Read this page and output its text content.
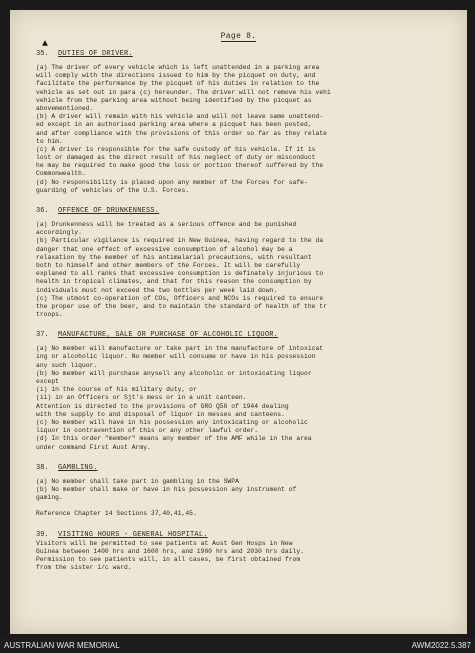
Page 8.
▲
35. DUTIES OF DRIVER.
(a) The driver of every vehicle which is left unattended in a parking area
will comply with the directions issued to him by the picquet on duty, and
facilitate the performance by the picquet of his duties in relation to the
vehicle as set out in para (c) hereunder. The driver will not remove his vehi
vehicle from the parking area without being identified by the picquet as
abovementioned.
(b) A driver will remain with his vehicle and will not leave same unattend-
ed except in an authorised parking area where a picquet has been posted,
and after compliance with the provisions of this order so far as they relate
to him.
(c) A driver is responsible for the safe custody of his vehicle. If it is
lost or damaged as the direct result of his neglect of duty or misconduct
he may be required to make good the loss or portion thereof suffered by the
Commonwealth.
(d) No responsibility is placed upon any member of the Forces for safe-
guarding of vehicles of the U.S. Forces.
36. OFFENCE OF DRUNKENNESS.
(a) Drunkenness will be treated as a serious offence and be punished
accordingly.
(b) Particular vigilance is required in New Guinea, having regard to the da
danger that one effect of excessive consumption of alcohol may be a
relaxation by the member of his antimalarial precautions, with resultant
both to himself and other members of the Forces. It will be carefully
explaned to all ranks that excessive consumption is definately injurious to
health in tropical climates, and that for this reason the consumption by
individuals must not exceed the two bottles per week laid down.
(c) The utmost co-operation of COs, Officers and NCOs is required to ensure
the proper use of the beer, and to maintain the standard of health of the tr
troops.
37. MANUFACTURE, SALE OR PURCHASE OF ALCOHOLIC LIQUOR.
(a) No member will manufacture or take part in the manufacture of intoxicat
ing or alcoholic liquor. No member will consume or have in his possession
any such liquor.
(b) No member will purchase anysell any alcoholic or intoxicating liquor
except
(i) in the course of his military duty, or
(ii) in an Officers or Sjt's mess or in a unit canteen.
Attention is directed to the provisions of GRO Q56 of 1944 dealing
with the supply to and disposal of liquor in messes and canteens.
(c) No member will have in his possession any intoxicating or alcoholic
liquor in contravention of this or any other lawful order.
(d) In this order "member" means any member of the AMF while in the area
under command First Aust Army.
38. GAMBLING.
(a) No member shall take part in gambling in the SWPA
(b) No member shall make or have in his possession any instrument of
gaming.
Reference Chapter 14 Sections 37,40,41,45.
39. VISITING HOURS - GENERAL HOSPITAL.
Visitors will be permitted to see patients at Aust Gen Hosps in New
Guinea between 1400 hrs and 1600 hrs, and 1900 hrs and 2030 hrs daily.
Permission to see patients will, in all cases, be first obtained from
from the sister i/c ward.
AUSTRALIAN WAR MEMORIAL	AWM2022.5.387
